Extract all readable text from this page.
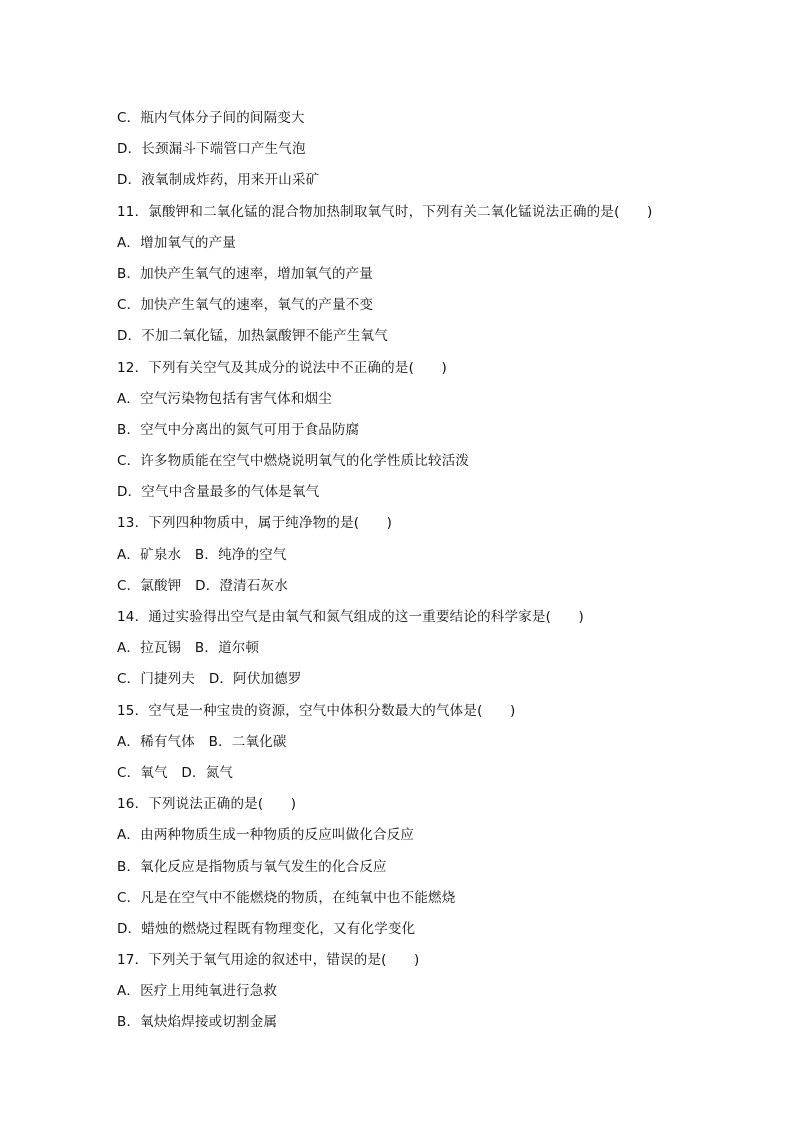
C．瓶内气体分子间的间隔变大
D．长颈漏斗下端管口产生气泡
D．液氧制成炸药，用来开山采矿
11．氯酸钾和二氧化锰的混合物加热制取氧气时，下列有关二氧化锰说法正确的是(　　)
A．增加氧气的产量
B．加快产生氧气的速率，增加氧气的产量
C．加快产生氧气的速率，氧气的产量不变
D．不加二氧化锰，加热氯酸钾不能产生氧气
12．下列有关空气及其成分的说法中不正确的是(　　)
A．空气污染物包括有害气体和烟尘
B．空气中分离出的氮气可用于食品防腐
C．许多物质能在空气中燃烧说明氧气的化学性质比较活泼
D．空气中含量最多的气体是氧气
13．下列四种物质中，属于纯净物的是(　　)
A．矿泉水　B．纯净的空气
C．氯酸钾　D．澄清石灰水
14．通过实验得出空气是由氧气和氮气组成的这一重要结论的科学家是(　　)
A．拉瓦锡　B．道尔顿
C．门捷列夫　D．阿伏加德罗
15．空气是一种宝贵的资源，空气中体积分数最大的气体是(　　)
A．稀有气体　B．二氧化碳
C．氧气　D．氮气
16．下列说法正确的是(　　)
A．由两种物质生成一种物质的反应叫做化合反应
B．氧化反应是指物质与氧气发生的化合反应
C．凡是在空气中不能燃烧的物质，在纯氧中也不能燃烧
D．蜡烛的燃烧过程既有物理变化，又有化学变化
17．下列关于氧气用途的叙述中，错误的是(　　)
A．医疗上用纯氧进行急救
B．氧炔焰焊接或切割金属
